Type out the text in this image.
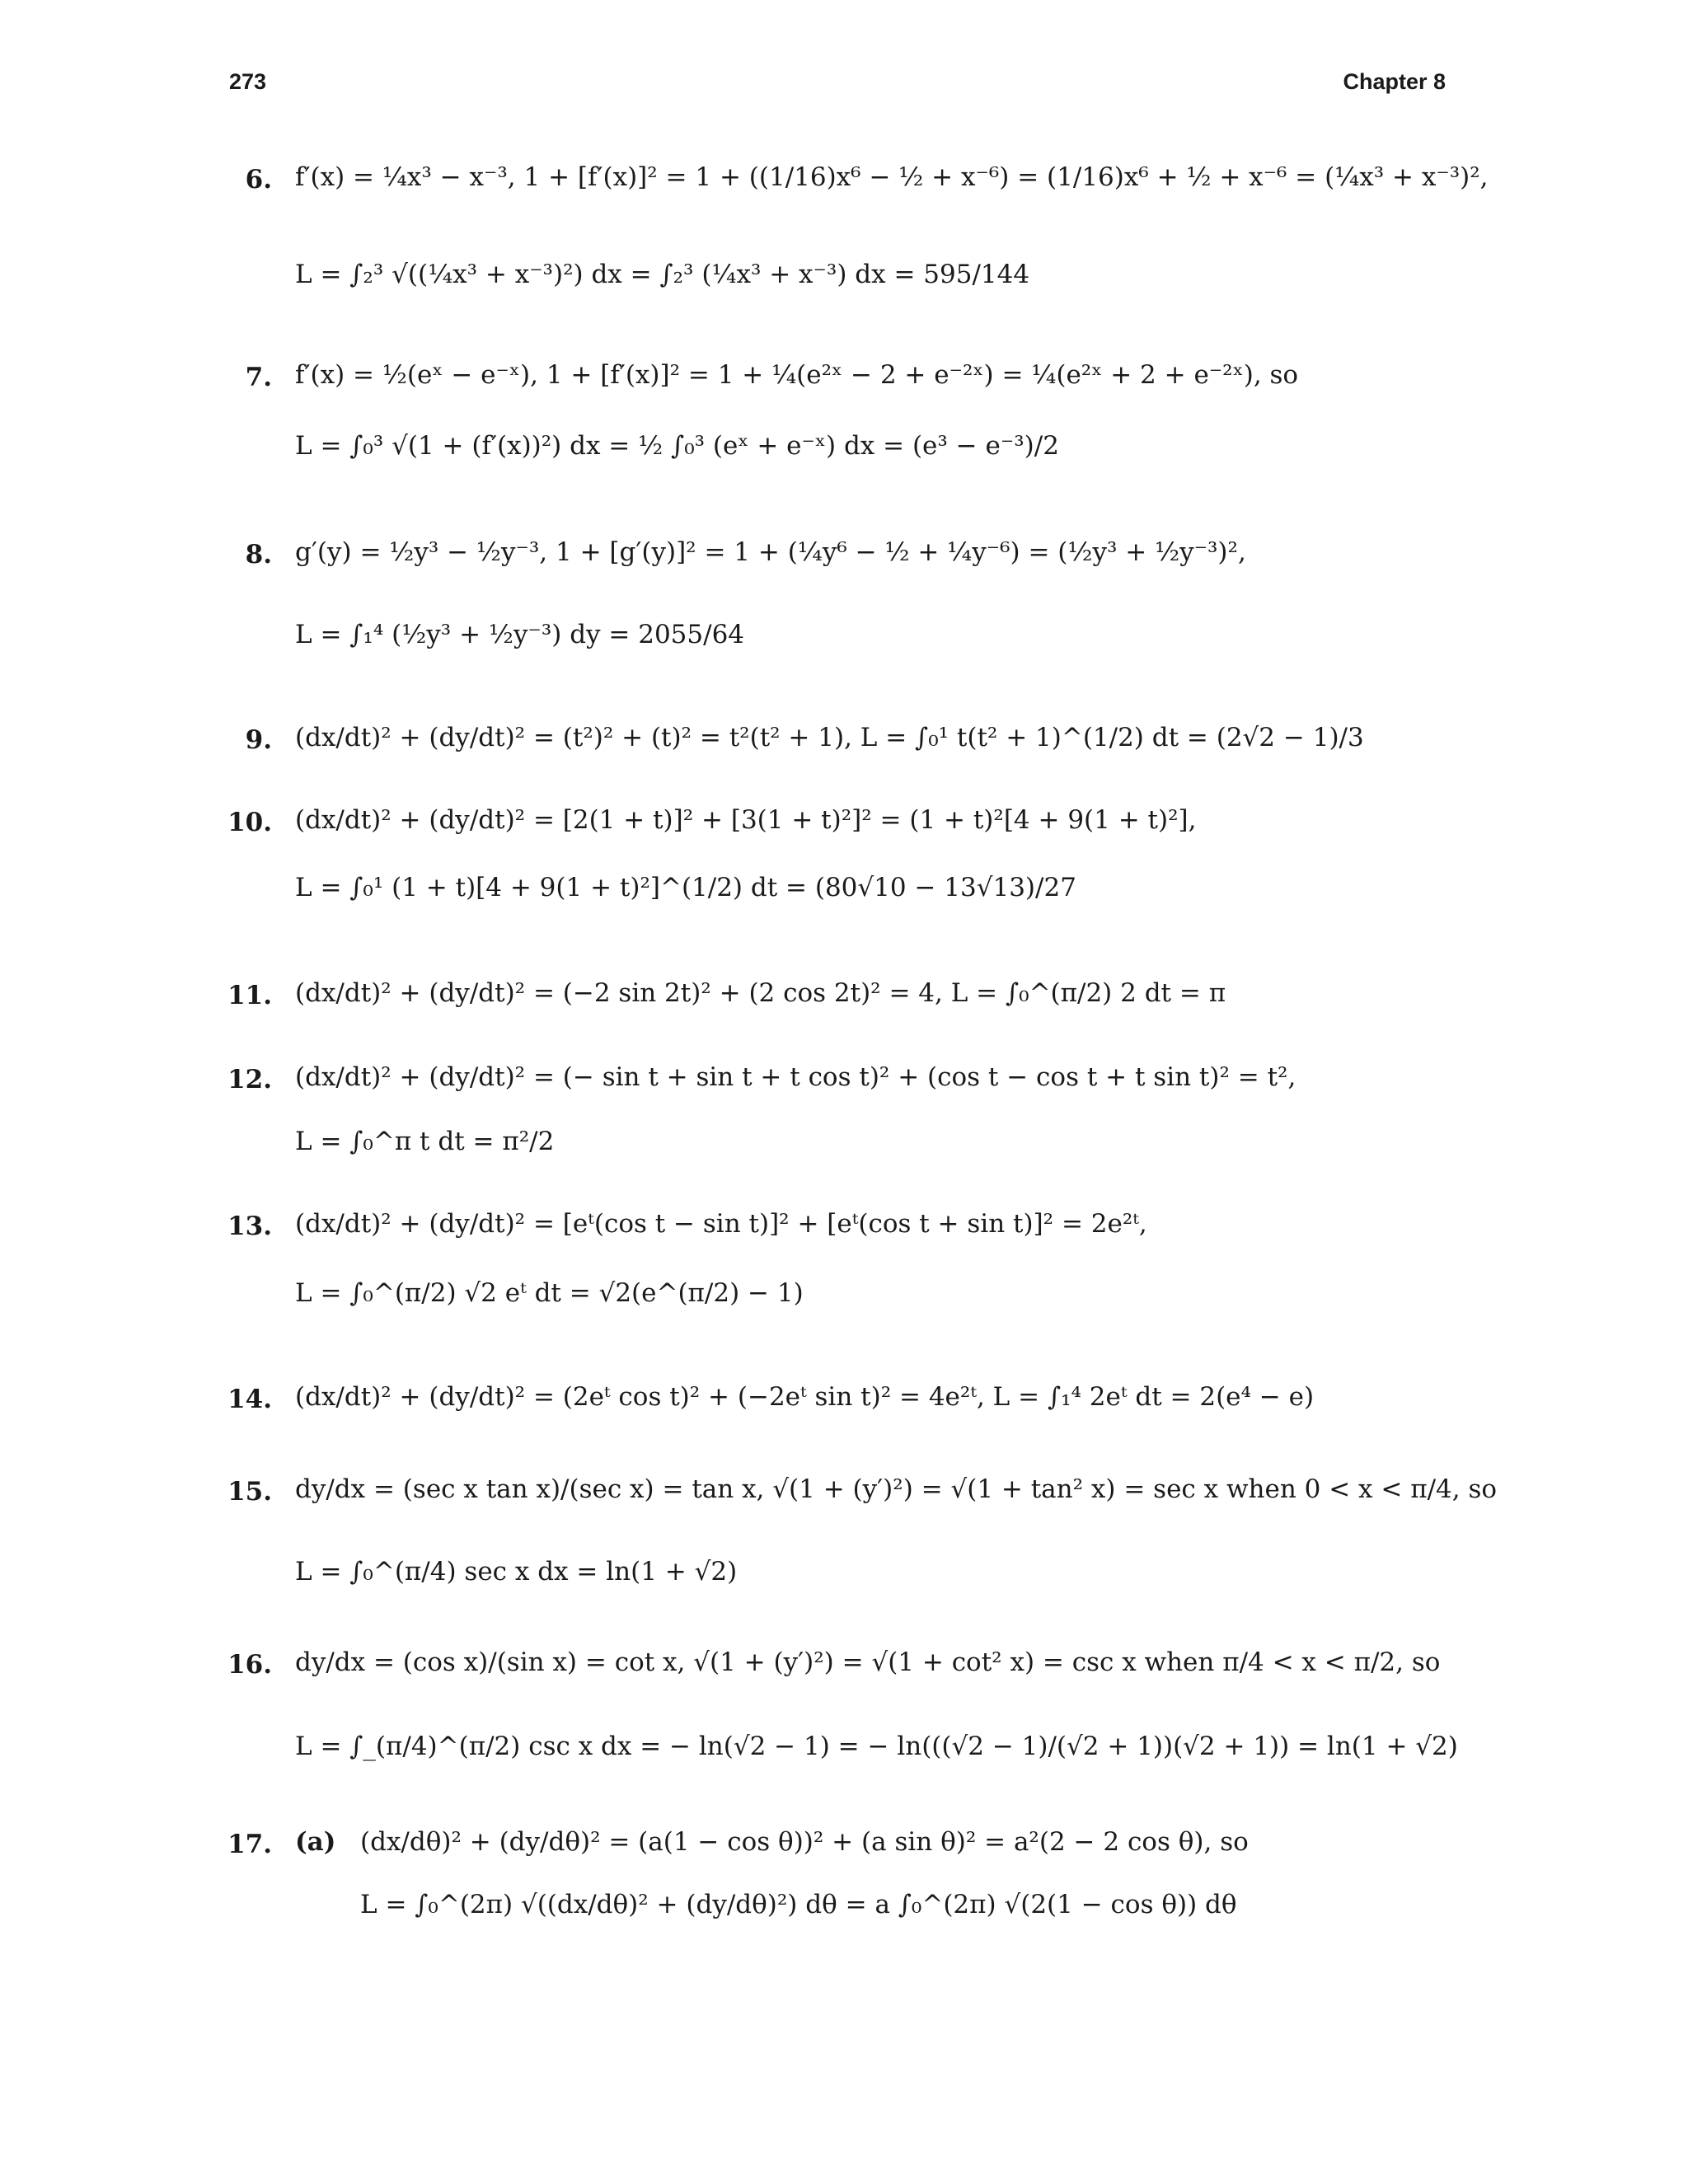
273	Chapter 8
6. f′(x) = ¼x³ − x⁻³, 1 + [f′(x)]² = 1 + ((1/16)x⁶ − ½ + x⁻⁶) = (1/16)x⁶ + ½ + x⁻⁶ = (¼x³ + x⁻³)²,
L = ∫₂³ √((¼x³ + x⁻³)²) dx = ∫₂³ (¼x³ + x⁻³) dx = 595/144
7. f′(x) = ½(eˣ − e⁻ˣ), 1 + [f′(x)]² = 1 + ¼(e²ˣ − 2 + e⁻²ˣ) = ¼(e²ˣ + 2 + e⁻²ˣ), so
L = ∫₀³ √(1 + (f′(x))²) dx = ½ ∫₀³ (eˣ + e⁻ˣ) dx = (e³ − e⁻³)/2
8. g′(y) = ½y³ − ½y⁻³, 1 + [g′(y)]² = 1 + (¼y⁶ − ½ + ¼y⁻⁶) = (½y³ + ½y⁻³)²,
L = ∫₁⁴ (½y³ + ½y⁻³) dy = 2055/64
9. (dx/dt)² + (dy/dt)² = (t²)² + (t)² = t²(t² + 1), L = ∫₀¹ t(t² + 1)^(1/2) dt = (2√2 − 1)/3
10. (dx/dt)² + (dy/dt)² = [2(1 + t)]² + [3(1 + t)²]² = (1 + t)²[4 + 9(1 + t)²],
L = ∫₀¹ (1 + t)[4 + 9(1 + t)²]^(1/2) dt = (80√10 − 13√13)/27
11. (dx/dt)² + (dy/dt)² = (−2 sin 2t)² + (2 cos 2t)² = 4, L = ∫₀^(π/2) 2 dt = π
12. (dx/dt)² + (dy/dt)² = (− sin t + sin t + t cos t)² + (cos t − cos t + t sin t)² = t²,
L = ∫₀^π t dt = π²/2
13. (dx/dt)² + (dy/dt)² = [eᵗ(cos t − sin t)]² + [eᵗ(cos t + sin t)]² = 2e²ᵗ,
L = ∫₀^(π/2) √2 eᵗ dt = √2(e^(π/2) − 1)
14. (dx/dt)² + (dy/dt)² = (2eᵗ cos t)² + (−2eᵗ sin t)² = 4e²ᵗ, L = ∫₁⁴ 2eᵗ dt = 2(e⁴ − e)
15. dy/dx = (sec x tan x)/(sec x) = tan x, √(1 + (y′)²) = √(1 + tan² x) = sec x when 0 < x < π/4, so
L = ∫₀^(π/4) sec x dx = ln(1 + √2)
16. dy/dx = (cos x)/(sin x) = cot x, √(1 + (y′)²) = √(1 + cot² x) = csc x when π/4 < x < π/2, so
L = ∫_(π/4)^(π/2) csc x dx = − ln(√2 − 1) = − ln(((√2 − 1)/(√2 + 1))(√2 + 1)) = ln(1 + √2)
17. (a) (dx/dθ)² + (dy/dθ)² = (a(1 − cos θ))² + (a sin θ)² = a²(2 − 2 cos θ), so
L = ∫₀^(2π) √((dx/dθ)² + (dy/dθ)²) dθ = a ∫₀^(2π) √(2(1 − cos θ)) dθ
